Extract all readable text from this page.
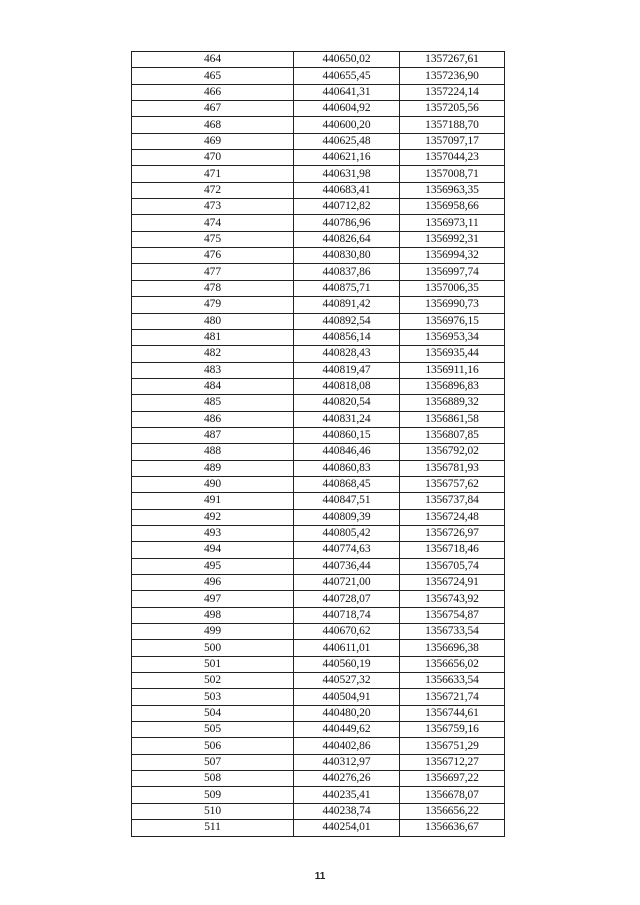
464	440650,02	1357267,61
465	440655,45	1357236,90
466	440641,31	1357224,14
467	440604,92	1357205,56
468	440600,20	1357188,70
469	440625,48	1357097,17
470	440621,16	1357044,23
471	440631,98	1357008,71
472	440683,41	1356963,35
473	440712,82	1356958,66
474	440786,96	1356973,11
475	440826,64	1356992,31
476	440830,80	1356994,32
477	440837,86	1356997,74
478	440875,71	1357006,35
479	440891,42	1356990,73
480	440892,54	1356976,15
481	440856,14	1356953,34
482	440828,43	1356935,44
483	440819,47	1356911,16
484	440818,08	1356896,83
485	440820,54	1356889,32
486	440831,24	1356861,58
487	440860,15	1356807,85
488	440846,46	1356792,02
489	440860,83	1356781,93
490	440868,45	1356757,62
491	440847,51	1356737,84
492	440809,39	1356724,48
493	440805,42	1356726,97
494	440774,63	1356718,46
495	440736,44	1356705,74
496	440721,00	1356724,91
497	440728,07	1356743,92
498	440718,74	1356754,87
499	440670,62	1356733,54
500	440611,01	1356696,38
501	440560,19	1356656,02
502	440527,32	1356633,54
503	440504,91	1356721,74
504	440480,20	1356744,61
505	440449,62	1356759,16
506	440402,86	1356751,29
507	440312,97	1356712,27
508	440276,26	1356697,22
509	440235,41	1356678,07
510	440238,74	1356656,22
511	440254,01	1356636,67
11
